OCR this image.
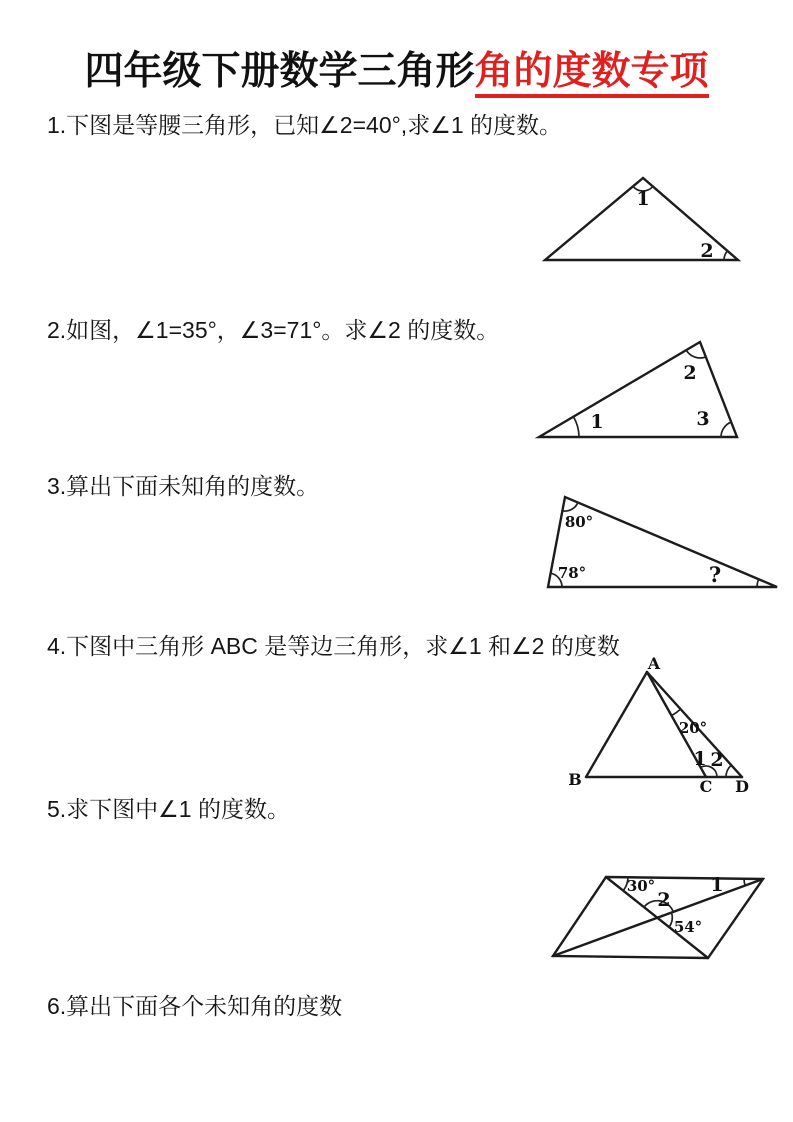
四年级下册数学三角形角的度数专项
1.下图是等腰三角形，已知∠2=40°,求∠1 的度数。
2.如图，∠1=35°，∠3=71°。求∠2 的度数。
3.算出下面未知角的度数。
4.下图中三角形 ABC 是等边三角形，求∠1 和∠2 的度数
5.求下图中∠1 的度数。
6.算出下面各个未知角的度数
1
2
1
2
3
80°
78°	?
A
B	C D
20°
1 2
30°	1
2
54°
